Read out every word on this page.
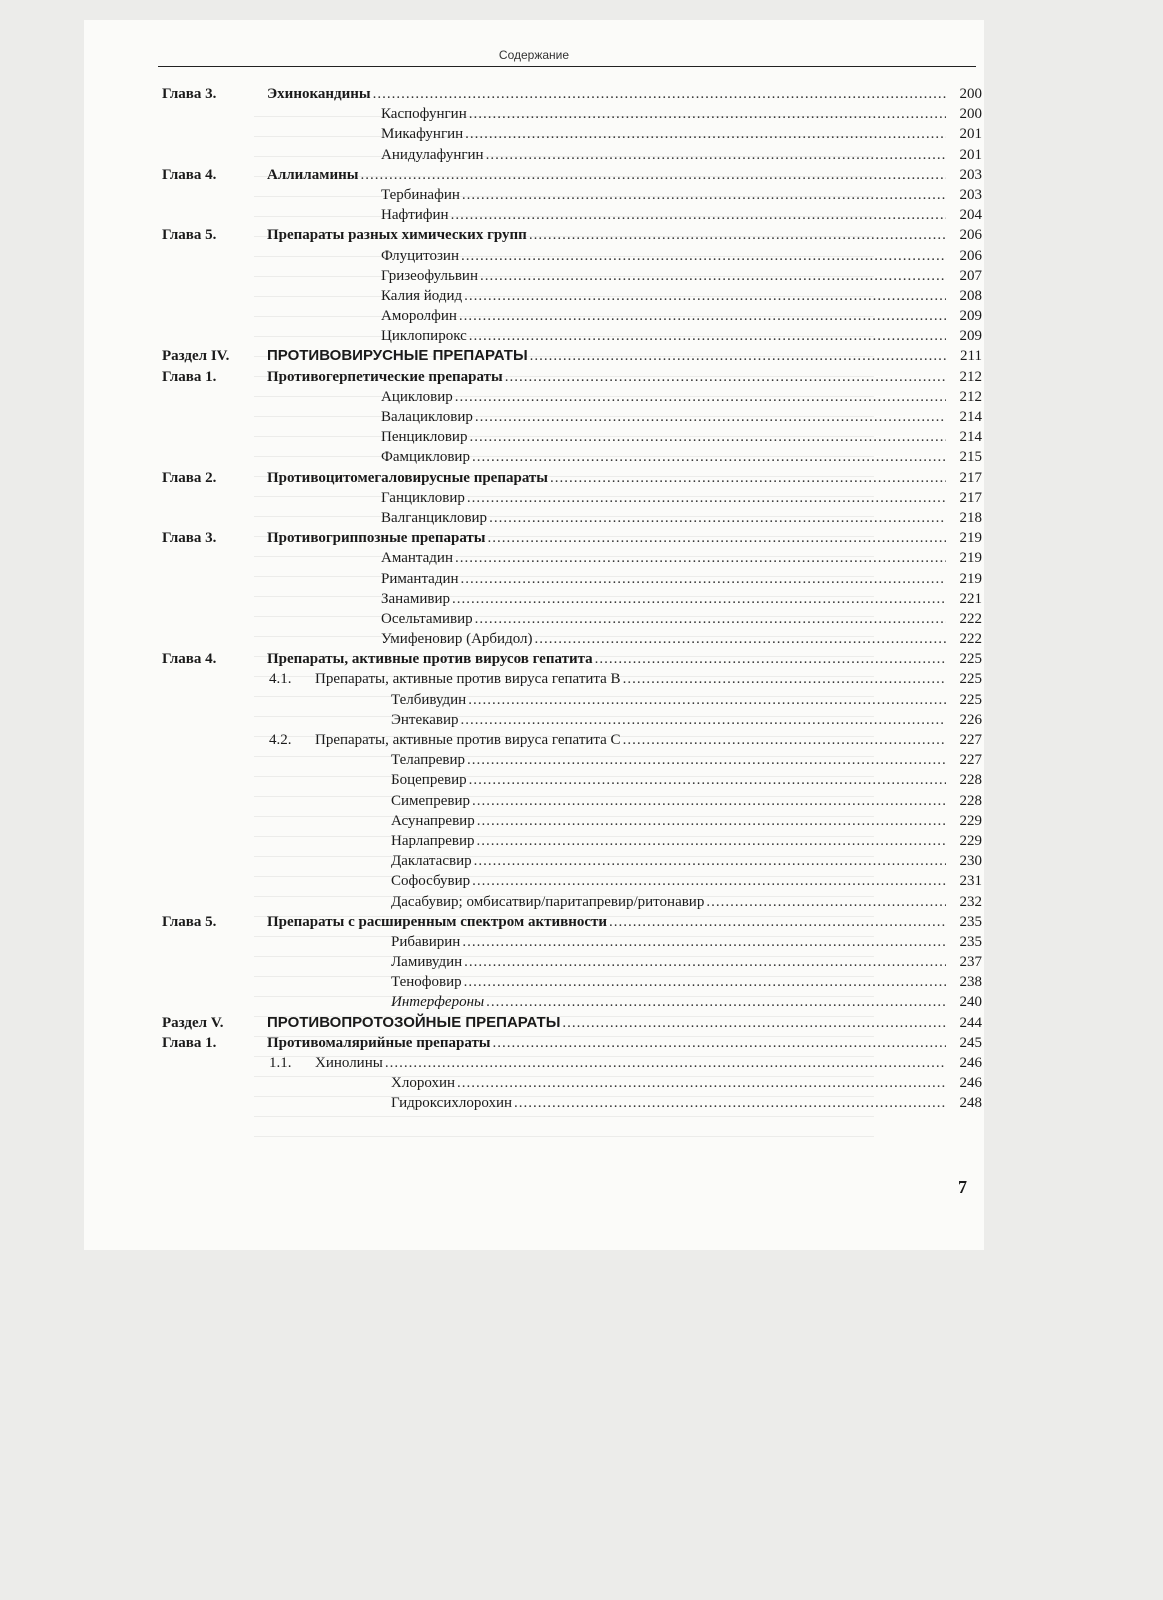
Содержание
Глава 3.	Эхинокандины .....	200
Каспофунгин .....	200
Микафунгин .....	201
Анидулафунгин .....	201
Глава 4.	Аллиламины .....	203
Тербинафин .....	203
Нафтифин .....	204
Глава 5.	Препараты разных химических групп .....	206
Флуцитозин .....	206
Гризеофульвин .....	207
Калия йодид .....	208
Аморолфин .....	209
Циклопирокс .....	209
Раздел IV.	ПРОТИВОВИРУСНЫЕ ПРЕПАРАТЫ .....	211
Глава 1.	Противогерпетические препараты .....	212
Ацикловир .....	212
Валацикловир .....	214
Пенцикловир .....	214
Фамцикловир .....	215
Глава 2.	Противоцитомегаловирусные препараты .....	217
Ганцикловир .....	217
Валганцикловир .....	218
Глава 3.	Противогриппозные препараты .....	219
Амантадин .....	219
Римантадин .....	219
Занамивир .....	221
Осельтамивир .....	222
Умифеновир (Арбидол) .....	222
Глава 4.	Препараты, активные против вирусов гепатита .....	225
4.1.	Препараты, активные против вируса гепатита B .....	225
Телбивудин .....	225
Энтекавир .....	226
4.2.	Препараты, активные против вируса гепатита C .....	227
Телапревир .....	227
Боцепревир .....	228
Симепревир .....	228
Асунапревир .....	229
Нарлапревир .....	229
Даклатасвир .....	230
Софосбувир .....	231
Дасабувир; омбисатвир/паритапревир/ритонавир .....	232
Глава 5.	Препараты с расширенным спектром активности .....	235
Рибавирин .....	235
Ламивудин .....	237
Тенофовир .....	238
Интерфероны .....	240
Раздел V.	ПРОТИВОПРОТОЗОЙНЫЕ ПРЕПАРАТЫ .....	244
Глава 1.	Противомалярийные препараты .....	245
1.1.	Хинолины .....	246
Хлорохин .....	246
Гидроксихлорохин .....	248
7
